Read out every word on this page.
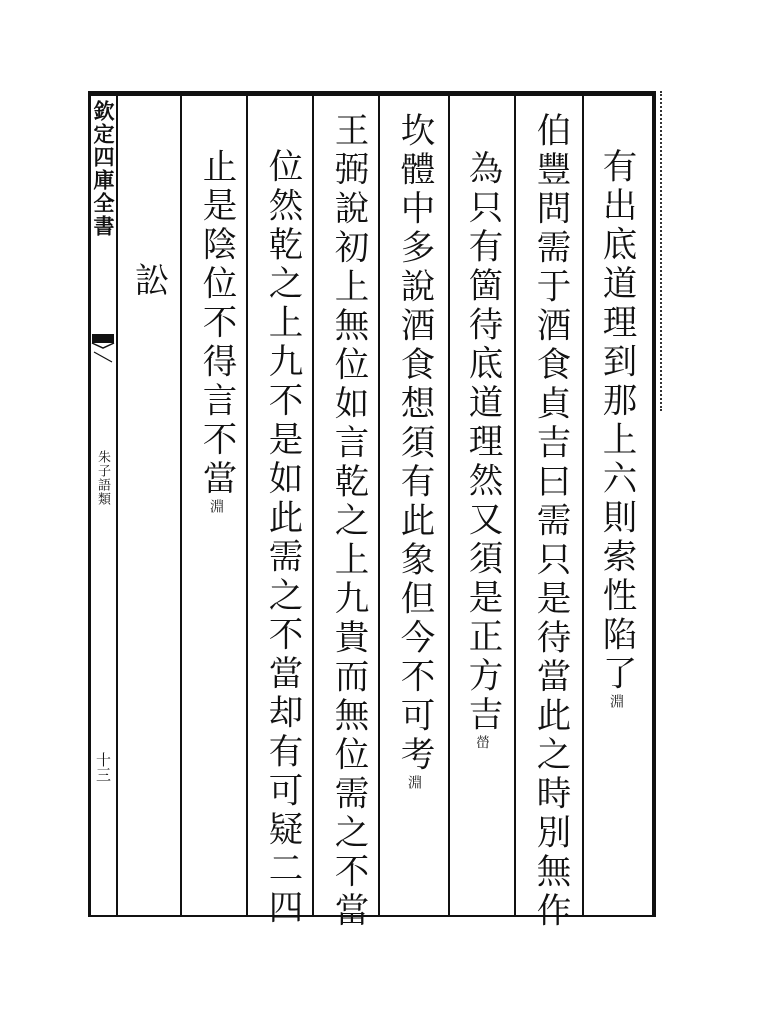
欽定四庫全書
朱子語類
十三
有出底道理到那上六則索性陷了淵
伯豐問需于酒食貞吉曰需只是待當此之時別無作
為只有箇待底道理然又須是正方吉嵤
坎體中多說酒食想須有此象但今不可考淵
王弼說初上無位如言乾之上九貴而無位需之不當
位然乾之上九不是如此需之不當却有可疑二四
止是陰位不得言不當淵
訟
